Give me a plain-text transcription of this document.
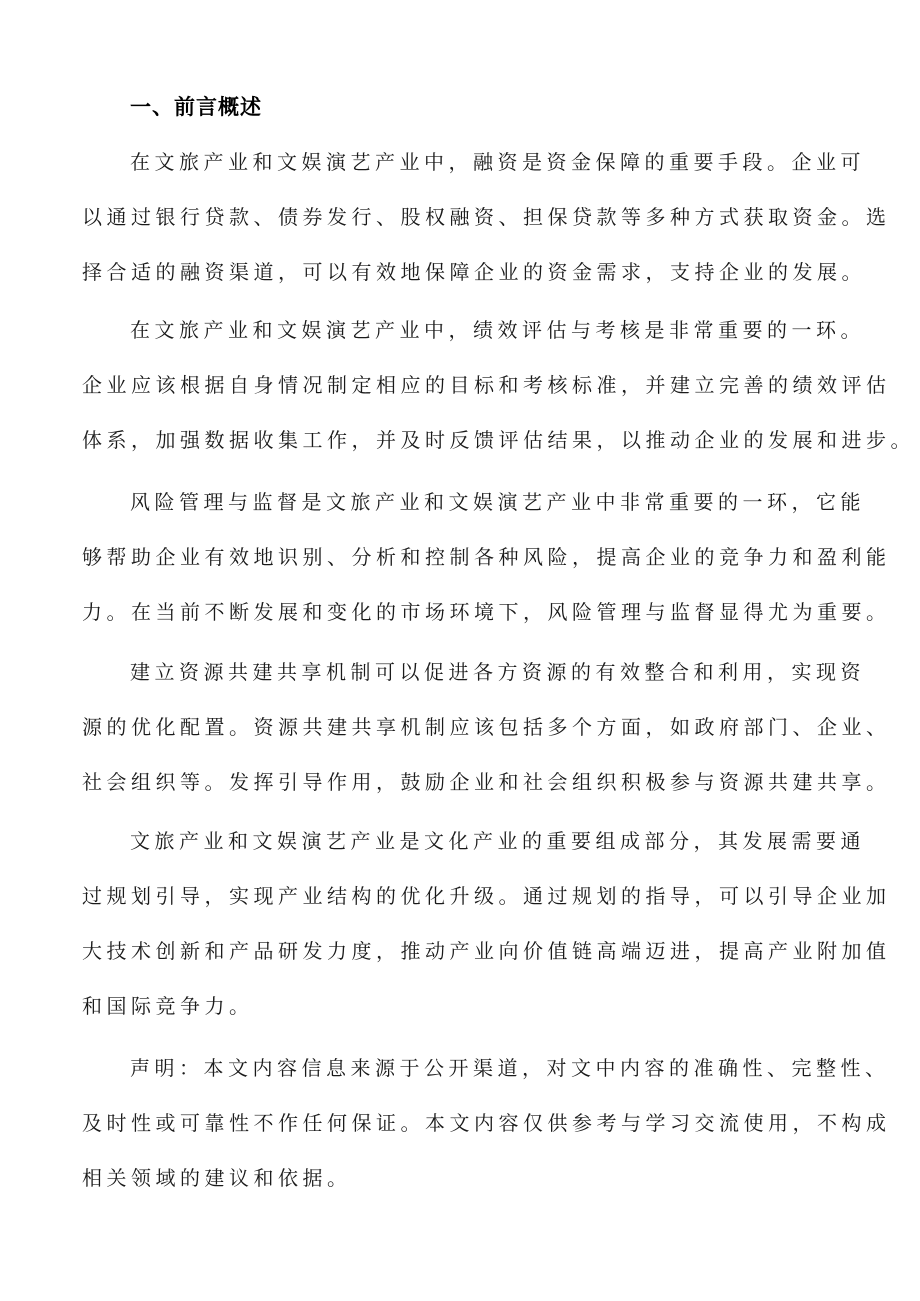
一、前言概述
在文旅产业和文娱演艺产业中，融资是资金保障的重要手段。企业可
以通过银行贷款、债券发行、股权融资、担保贷款等多种方式获取资金。选
择合适的融资渠道，可以有效地保障企业的资金需求，支持企业的发展。
在文旅产业和文娱演艺产业中，绩效评估与考核是非常重要的一环。
企业应该根据自身情况制定相应的目标和考核标准，并建立完善的绩效评估
体系，加强数据收集工作，并及时反馈评估结果，以推动企业的发展和进步。
风险管理与监督是文旅产业和文娱演艺产业中非常重要的一环，它能
够帮助企业有效地识别、分析和控制各种风险，提高企业的竞争力和盈利能
力。在当前不断发展和变化的市场环境下，风险管理与监督显得尤为重要。
建立资源共建共享机制可以促进各方资源的有效整合和利用，实现资
源的优化配置。资源共建共享机制应该包括多个方面，如政府部门、企业、
社会组织等。发挥引导作用，鼓励企业和社会组织积极参与资源共建共享。
文旅产业和文娱演艺产业是文化产业的重要组成部分，其发展需要通
过规划引导，实现产业结构的优化升级。通过规划的指导，可以引导企业加
大技术创新和产品研发力度，推动产业向价值链高端迈进，提高产业附加值
和国际竞争力。
声明：本文内容信息来源于公开渠道，对文中内容的准确性、完整性、
及时性或可靠性不作任何保证。本文内容仅供参考与学习交流使用，不构成
相关领域的建议和依据。
